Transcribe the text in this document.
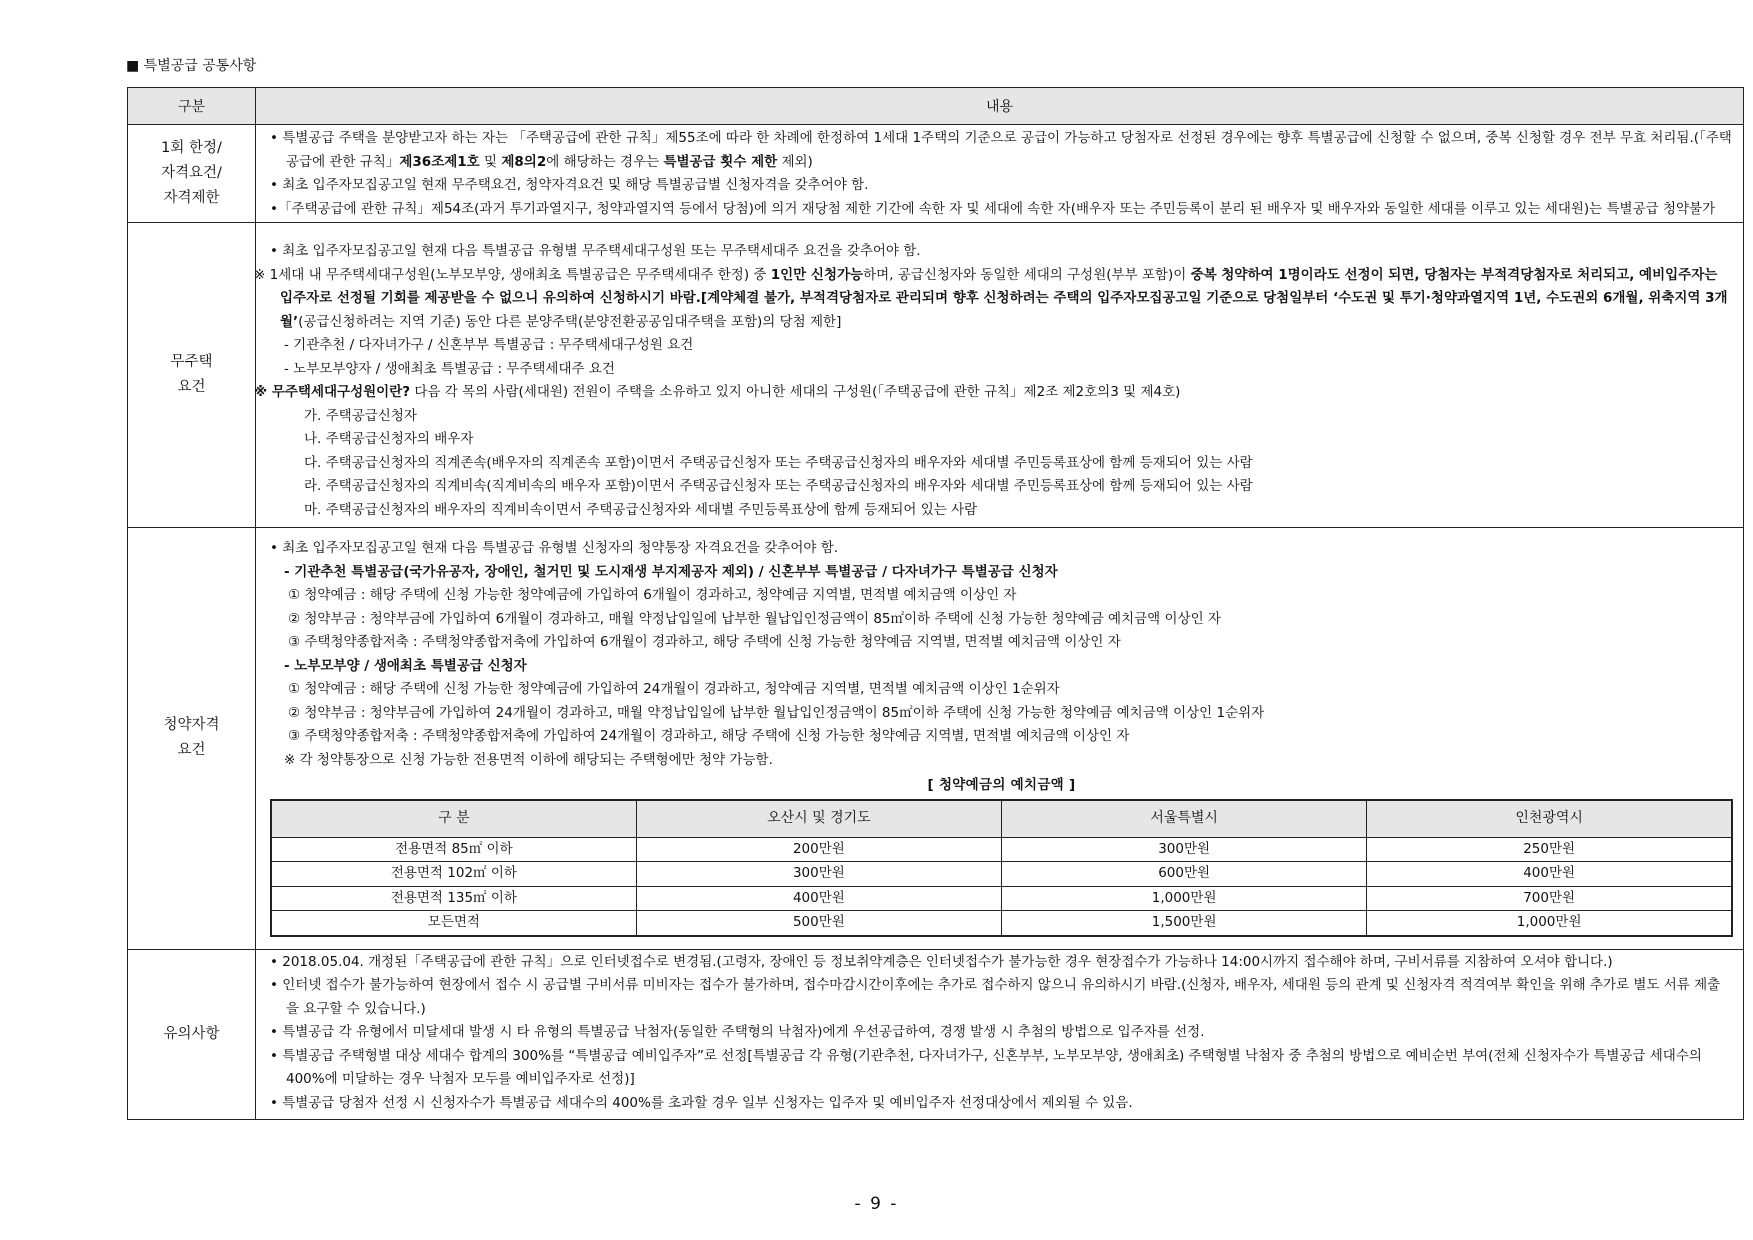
■ 특별공급 공통사항
구분	내용

1회 한정/
자격요건/
자격제한

• 특별공급 주택을 분양받고자 하는 자는 「주택공급에 관한 규칙」제55조에 따라 한 차례에 한정하여 1세대 1주택의 기준으로 공급이 가능하고 당첨자로 선정된 경우에는 향후 특별공급에 신청할 수 없으며, 중복 신청할 경우 전부 무효 처리됨.(「주택공급에 관한 규칙」제36조제1호 및 제8의2에 해당하는 경우는 특별공급 횟수 제한 제외)
• 최초 입주자모집공고일 현재 무주택요건, 청약자격요건 및 해당 특별공급별 신청자격을 갖추어야 함.
•「주택공급에 관한 규칙」제54조(과거 투기과열지구, 청약과열지역 등에서 당첨)에 의거 재당첨 제한 기간에 속한 자 및 세대에 속한 자(배우자 또는 주민등록이 분리 된 배우자 및 배우자와 동일한 세대를 이루고 있는 세대원)는 특별공급 청약불가

무주택
요건

• 최초 입주자모집공고일 현재 다음 특별공급 유형별 무주택세대구성원 또는 무주택세대주 요건을 갖추어야 함.
※ 1세대 내 무주택세대구성원(노부모부양, 생애최초 특별공급은 무주택세대주 한정) 중 1인만 신청가능하며, 공급신청자와 동일한 세대의 구성원(부부 포함)이 중복 청약하여 1명이라도 선정이 되면, 당첨자는 부적격당첨자로 처리되고, 예비입주자는 입주자로 선정될 기회를 제공받을 수 없으니 유의하여 신청하시기 바람.[계약체결 불가, 부적격당첨자로 관리되며 향후 신청하려는 주택의 입주자모집공고일 기준으로 당첨일부터 ‘수도권 및 투기·청약과열지역 1년, 수도권외 6개월, 위축지역 3개월’(공급신청하려는 지역 기준) 동안 다른 분양주택(분양전환공공임대주택을 포함)의 당첨 제한]
- 기관추천 / 다자녀가구 / 신혼부부 특별공급 : 무주택세대구성원 요건
- 노부모부양자 / 생애최초 특별공급 : 무주택세대주 요건
※ 무주택세대구성원이란? 다음 각 목의 사람(세대원) 전원이 주택을 소유하고 있지 아니한 세대의 구성원(「주택공급에 관한 규칙」제2조 제2호의3 및 제4호)
가. 주택공급신청자
나. 주택공급신청자의 배우자
다. 주택공급신청자의 직계존속(배우자의 직계존속 포함)이면서 주택공급신청자 또는 주택공급신청자의 배우자와 세대별 주민등록표상에 함께 등재되어 있는 사람
라. 주택공급신청자의 직계비속(직계비속의 배우자 포함)이면서 주택공급신청자 또는 주택공급신청자의 배우자와 세대별 주민등록표상에 함께 등재되어 있는 사람
마. 주택공급신청자의 배우자의 직계비속이면서 주택공급신청자와 세대별 주민등록표상에 함께 등재되어 있는 사람

청약자격
요건

• 최초 입주자모집공고일 현재 다음 특별공급 유형별 신청자의 청약통장 자격요건을 갖추어야 함.
- 기관추천 특별공급(국가유공자, 장애인, 철거민 및 도시재생 부지제공자 제외) / 신혼부부 특별공급 / 다자녀가구 특별공급 신청자
① 청약예금 : 해당 주택에 신청 가능한 청약예금에 가입하여 6개월이 경과하고, 청약예금 지역별, 면적별 예치금액 이상인 자
② 청약부금 : 청약부금에 가입하여 6개월이 경과하고, 매월 약정납입일에 납부한 월납입인정금액이 85㎡이하 주택에 신청 가능한 청약예금 예치금액 이상인 자
③ 주택청약종합저축 : 주택청약종합저축에 가입하여 6개월이 경과하고, 해당 주택에 신청 가능한 청약예금 지역별, 면적별 예치금액 이상인 자
- 노부모부양 / 생애최초 특별공급 신청자
① 청약예금 : 해당 주택에 신청 가능한 청약예금에 가입하여 24개월이 경과하고, 청약예금 지역별, 면적별 예치금액 이상인 1순위자
② 청약부금 : 청약부금에 가입하여 24개월이 경과하고, 매월 약정납입일에 납부한 월납입인정금액이 85㎡이하 주택에 신청 가능한 청약예금 예치금액 이상인 1순위자
③ 주택청약종합저축 : 주택청약종합저축에 가입하여 24개월이 경과하고, 해당 주택에 신청 가능한 청약예금 지역별, 면적별 예치금액 이상인 자
※ 각 청약통장으로 신청 가능한 전용면적 이하에 해당되는 주택형에만 청약 가능함.
[ 청약예금의 예치금액 ]
구 분	오산시 및 경기도	서울특별시	인천광역시
전용면적 85㎡ 이하	200만원	300만원	250만원
전용면적 102㎡ 이하	300만원	600만원	400만원
전용면적 135㎡ 이하	400만원	1,000만원	700만원
모든면적	500만원	1,500만원	1,000만원

유의사항

• 2018.05.04. 개정된「주택공급에 관한 규칙」으로 인터넷접수로 변경됨.(고령자, 장애인 등 정보취약계층은 인터넷접수가 불가능한 경우 현장접수가 가능하나 14:00시까지 접수해야 하며, 구비서류를 지참하여 오셔야 합니다.)
• 인터넷 접수가 불가능하여 현장에서 접수 시 공급별 구비서류 미비자는 접수가 불가하며, 접수마감시간이후에는 추가로 접수하지 않으니 유의하시기 바람.(신청자, 배우자, 세대원 등의 관계 및 신청자격 적격여부 확인을 위해 추가로 별도 서류 제출을 요구할 수 있습니다.)
• 특별공급 각 유형에서 미달세대 발생 시 타 유형의 특별공급 낙첨자(동일한 주택형의 낙첨자)에게 우선공급하여, 경쟁 발생 시 추첨의 방법으로 입주자를 선정.
• 특별공급 주택형별 대상 세대수 합계의 300%를 “특별공급 예비입주자”로 선정[특별공급 각 유형(기관추천, 다자녀가구, 신혼부부, 노부모부양, 생애최초) 주택형별 낙첨자 중 추첨의 방법으로 예비순번 부여(전체 신청자수가 특별공급 세대수의 400%에 미달하는 경우 낙첨자 모두를 예비입주자로 선정)]
• 특별공급 당첨자 선정 시 신청자수가 특별공급 세대수의 400%를 초과할 경우 일부 신청자는 입주자 및 예비입주자 선정대상에서 제외될 수 있음.
- 9 -
